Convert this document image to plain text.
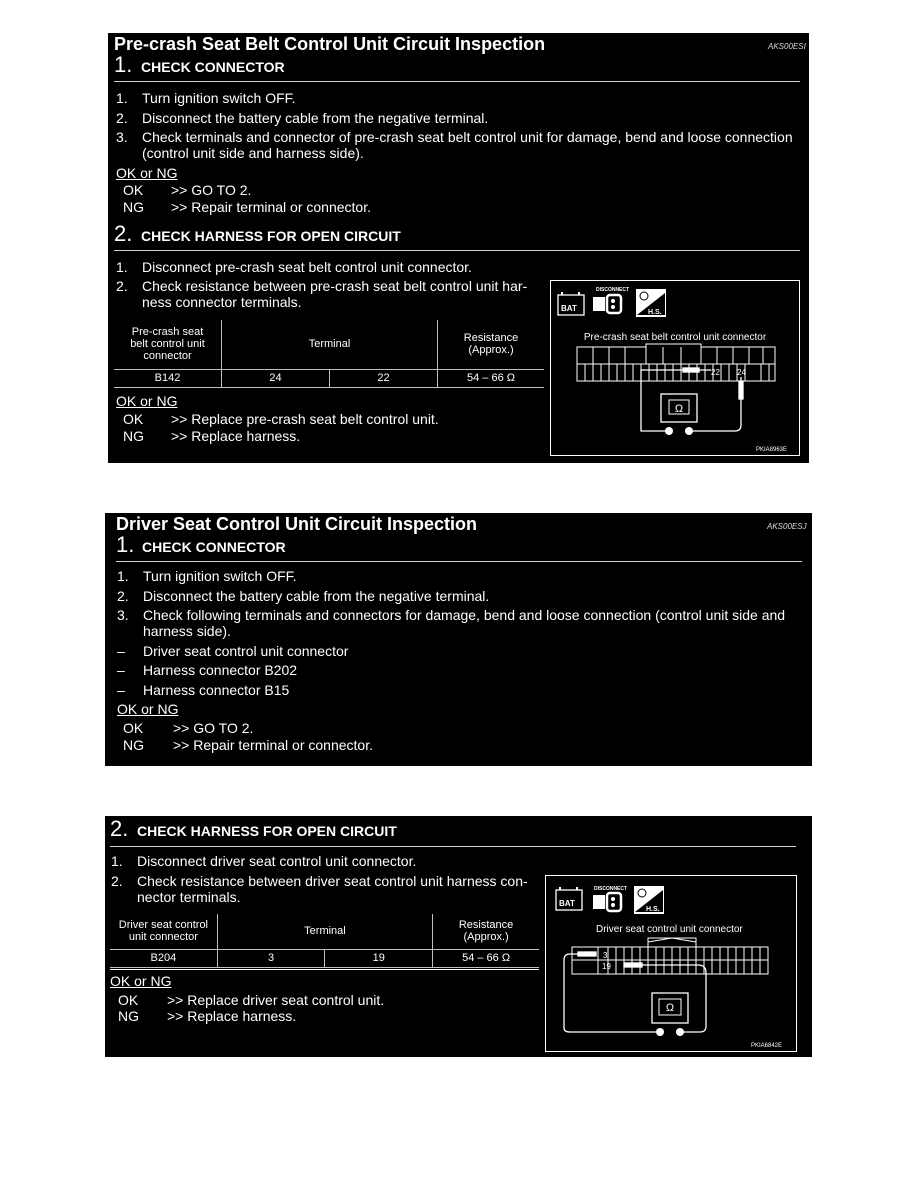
Pre-crash Seat Belt Control Unit Circuit Inspection	AKS00ESI
1. CHECK CONNECTOR
1. Turn ignition switch OFF.
2. Disconnect the battery cable from the negative terminal.
3. Check terminals and connector of pre-crash seat belt control unit for damage, bend and loose connection
(control unit side and harness side).
OK or NG
OK >> GO TO 2.
NG >> Repair terminal or connector.
2. CHECK HARNESS FOR OPEN CIRCUIT
1. Disconnect pre-crash seat belt control unit connector.
2. Check resistance between pre-crash seat belt control unit har-
ness connector terminals.
Pre-crash seat
belt control unit
connector	Terminal		Resistance
(Approx.)
B142	24	22	54 – 66 Ω
OK or NG
OK >> Replace pre-crash seat belt control unit.
NG >> Replace harness.
BAT
DISCONNECT
H.S.
Pre-crash seat belt control unit connector
22 24
Ω
PKIA8963E
Driver Seat Control Unit Circuit Inspection	AKS00ESJ
1. CHECK CONNECTOR
1. Turn ignition switch OFF.
2. Disconnect the battery cable from the negative terminal.
3. Check following terminals and connectors for damage, bend and loose connection (control unit side and
harness side).
– Driver seat control unit connector
– Harness connector B202
– Harness connector B15
OK or NG
OK >> GO TO 2.
NG >> Repair terminal or connector.
2. CHECK HARNESS FOR OPEN CIRCUIT
1. Disconnect driver seat control unit connector.
2. Check resistance between driver seat control unit harness con-
nector terminals.
Driver seat control
unit connector	Terminal		Resistance
(Approx.)
B204	3	19	54 – 66 Ω
OK or NG
OK >> Replace driver seat control unit.
NG >> Replace harness.
BAT
DISCONNECT
H.S.
Driver seat control unit connector
3
19
Ω
PKIA6842E
